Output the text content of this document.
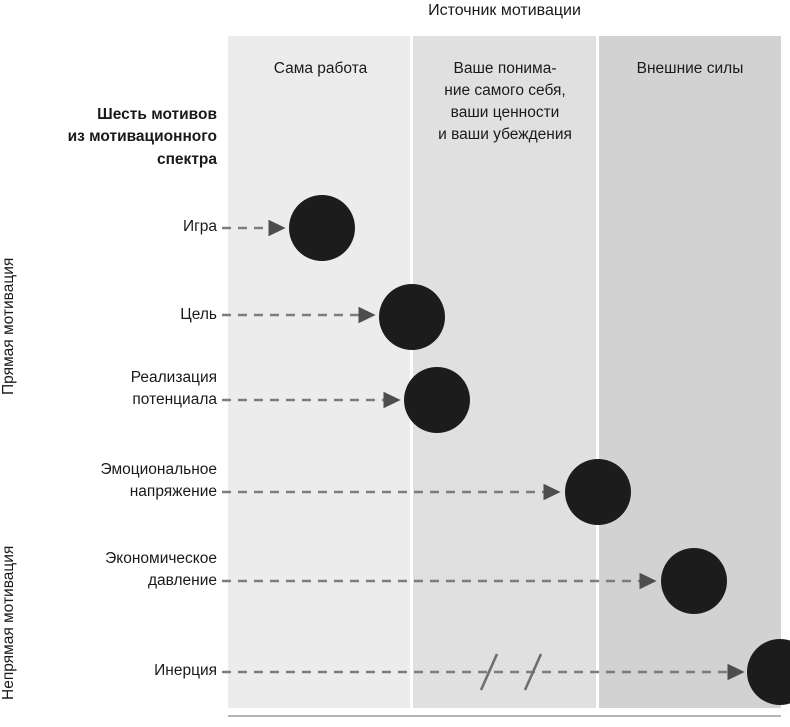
Источник мотивации
Сама работа	Ваше понима-
ние самого себя,
ваши ценности
и ваши убеждения
Внешние силы
Прямая мотивация
Непрямая мотивация
Шесть мотивов
из мотивационного
спектра
Игра
Цель
Реализация
потенциала
Эмоциональное
напряжение
Экономическое
давление
Инерция
